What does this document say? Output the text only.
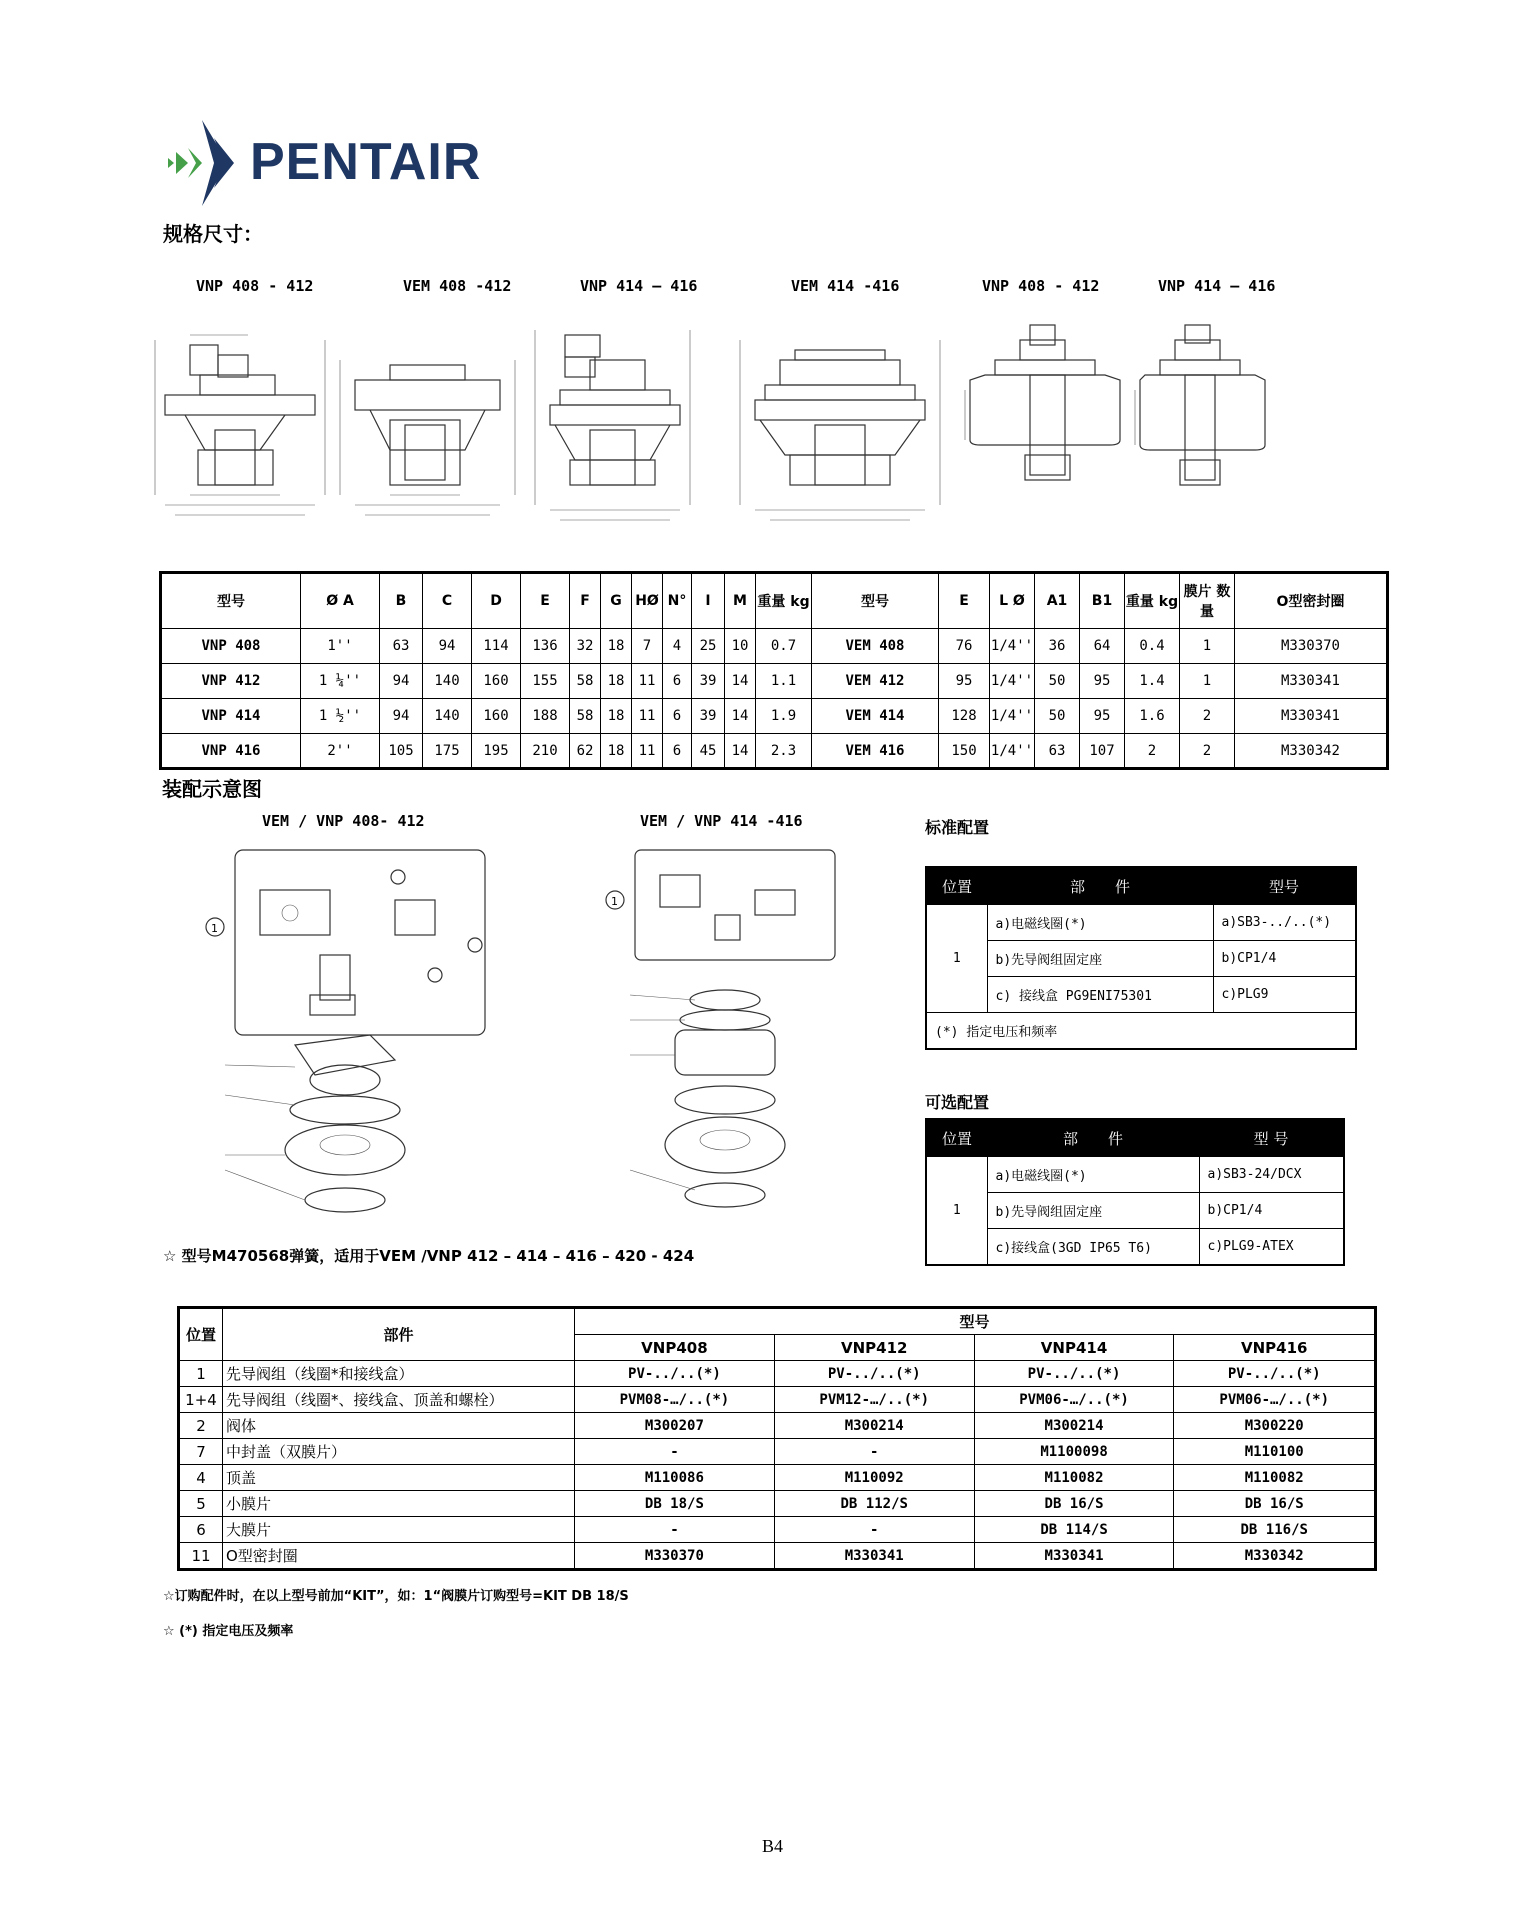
PENTAIR
规格尺寸：
VNP 408 - 412	VEM 408 -412	VNP 414 – 416	VEM 414 -416	VNP 408 - 412	VNP 414 – 416
型号	Ø A	B	C	D	E	F	G	HØ	N°	I	M	重量 kg	型号	E	L Ø	A1	B1	重量 kg	膜片 数量	O型密封圈
VNP 408	1''	63	94	114	136	32	18	7	4	25	10	0.7	VEM 408	76	1/4''	36	64	0.4	1	M330370
VNP 412	1 ¼''	94	140	160	155	58	18	11	6	39	14	1.1	VEM 412	95	1/4''	50	95	1.4	1	M330341
VNP 414	1 ½''	94	140	160	188	58	18	11	6	39	14	1.9	VEM 414	128	1/4''	50	95	1.6	2	M330341
VNP 416	2''	105	175	195	210	62	18	11	6	45	14	2.3	VEM 416	150	1/4''	63	107	2	2	M330342
装配示意图
VEM / VNP 408- 412	VEM / VNP 414 -416
1
1
☆ 型号M470568弹簧，适用于VEM /VNP 412 – 414 – 416 – 420 - 424
标准配置
位置	部　　件	型号
1	a)电磁线圈(*)	a)SB3-../..(*)
	b)先导阀组固定座	b)CP1/4
	c) 接线盒 PG9ENI75301	c)PLG9
(*) 指定电压和频率		
可选配置
位置	部　　件	型 号
1	a)电磁线圈(*)	a)SB3-24/DCX
	b)先导阀组固定座	b)CP1/4
	c)接线盒(3GD IP65 T6)	c)PLG9-ATEX
位置	部件	型号			
		VNP408	VNP412	VNP414	VNP416
1	先导阀组（线圈*和接线盒）	PV-../..(*)	PV-../..(*)	PV-../..(*)	PV-../..(*)
1+4	先导阀组（线圈*、接线盒、顶盖和螺栓）	PVM08-…/..(*)	PVM12-…/..(*)	PVM06-…/..(*)	PVM06-…/..(*)
2	阀体	M300207	M300214	M300214	M300220
7	中封盖（双膜片）	-	-	M1100098	M110100
4	顶盖	M110086	M110092	M110082	M110082
5	小膜片	DB 18/S	DB 112/S	DB 16/S	DB 16/S
6	大膜片	-	-	DB 114/S	DB 116/S
11	O型密封圈	M330370	M330341	M330341	M330342
☆订购配件时，在以上型号前加“KIT”，如：1“阀膜片订购型号=KIT DB 18/S
☆ (*) 指定电压及频率
B4
